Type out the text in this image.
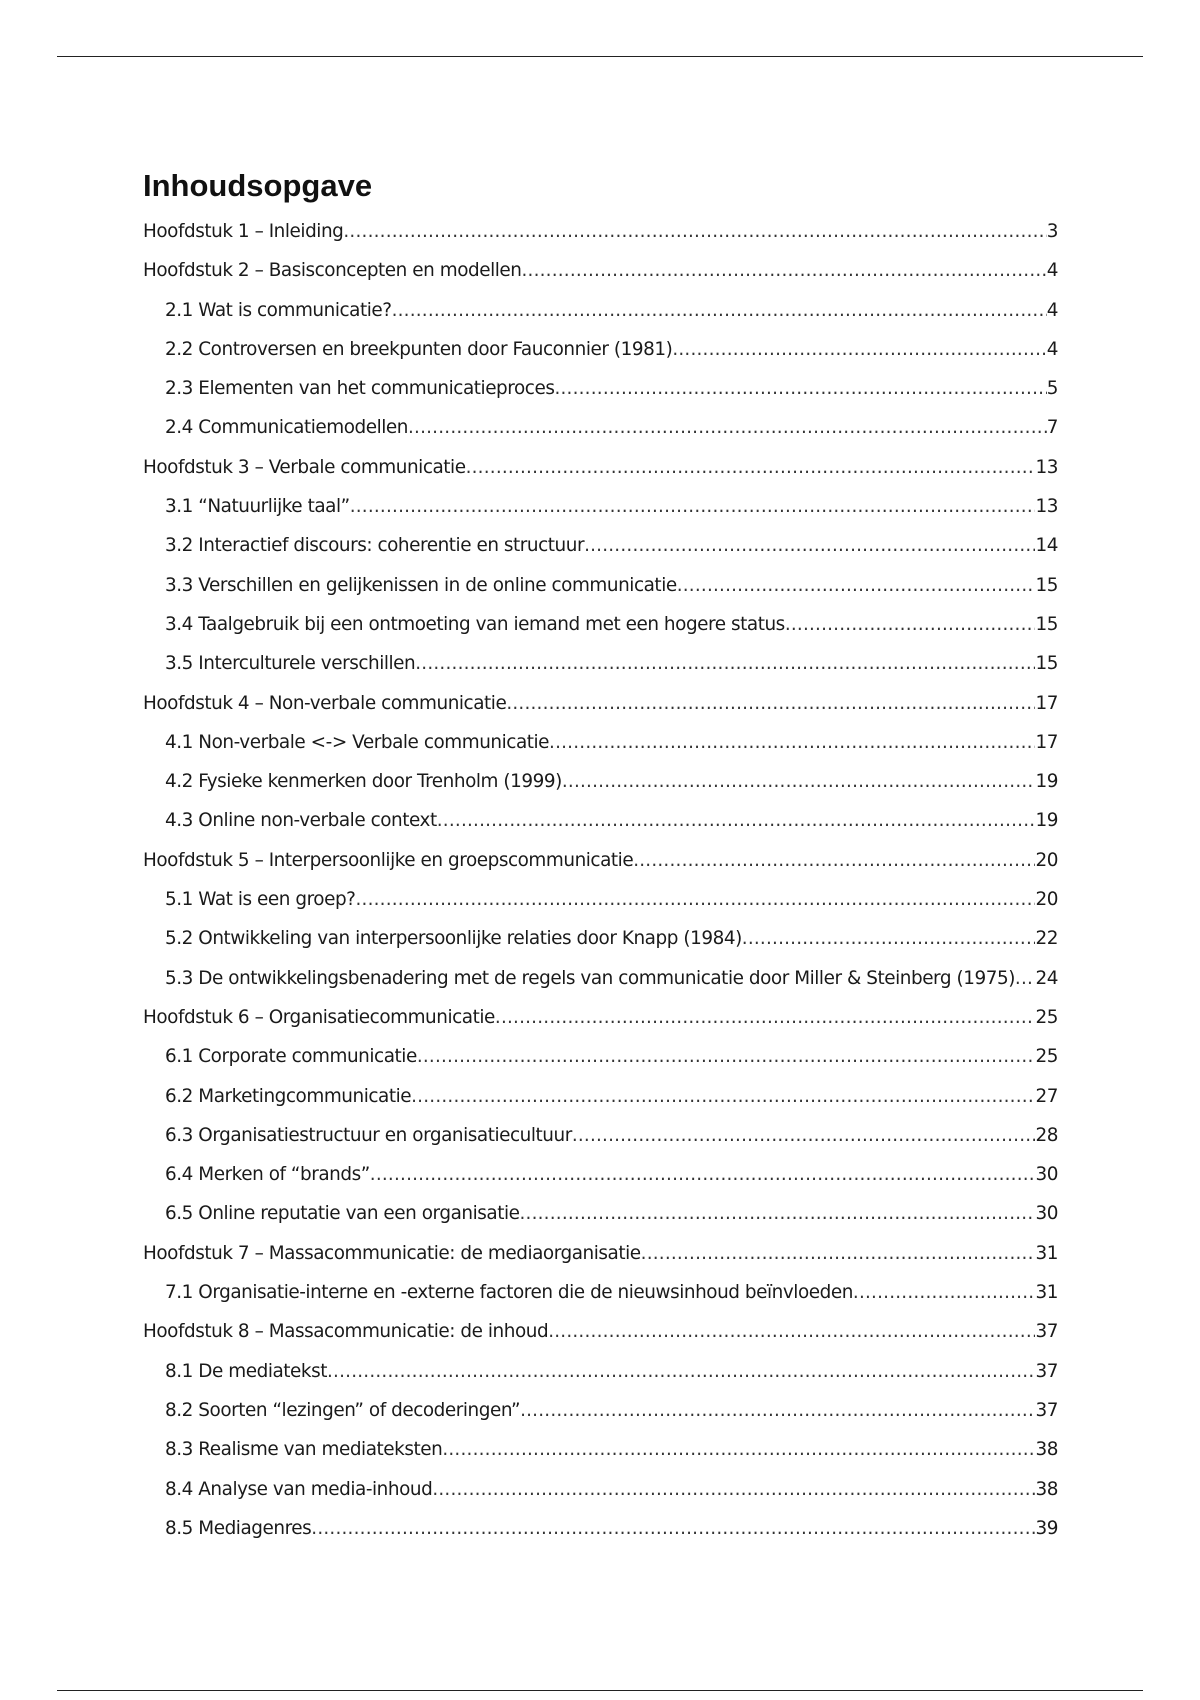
Inhoudsopgave
Hoofdstuk 1 – Inleiding .....	3
Hoofdstuk 2 – Basisconcepten en modellen .....	4
2.1 Wat is communicatie? .....	4
2.2 Controversen en breekpunten door Fauconnier (1981) .....	4
2.3 Elementen van het communicatieproces .....	5
2.4 Communicatiemodellen .....	7
Hoofdstuk 3 – Verbale communicatie .....	13
3.1 “Natuurlijke taal” .....	13
3.2 Interactief discours: coherentie en structuur .....	14
3.3 Verschillen en gelijkenissen in de online communicatie .....	15
3.4 Taalgebruik bij een ontmoeting van iemand met een hogere status .....	15
3.5 Interculturele verschillen .....	15
Hoofdstuk 4 – Non-verbale communicatie .....	17
4.1 Non-verbale <-> Verbale communicatie .....	17
4.2 Fysieke kenmerken door Trenholm (1999) .....	19
4.3 Online non-verbale context .....	19
Hoofdstuk 5 – Interpersoonlijke en groepscommunicatie .....	20
5.1 Wat is een groep? .....	20
5.2 Ontwikkeling van interpersoonlijke relaties door Knapp (1984) .....	22
5.3 De ontwikkelingsbenadering met de regels van communicatie door Miller & Steinberg (1975) ..... 24
Hoofdstuk 6 – Organisatiecommunicatie .....	25
6.1 Corporate communicatie .....	25
6.2 Marketingcommunicatie .....	27
6.3 Organisatiestructuur en organisatiecultuur .....	28
6.4 Merken of “brands” .....	30
6.5 Online reputatie van een organisatie .....	30
Hoofdstuk 7 – Massacommunicatie: de mediaorganisatie .....	31
7.1 Organisatie-interne en -externe factoren die de nieuwsinhoud beïnvloeden .....	31
Hoofdstuk 8 – Massacommunicatie: de inhoud .....	37
8.1 De mediatekst .....	37
8.2 Soorten “lezingen” of decoderingen” .....	37
8.3 Realisme van mediateksten .....	38
8.4 Analyse van media-inhoud .....	38
8.5 Mediagenres .....	39
